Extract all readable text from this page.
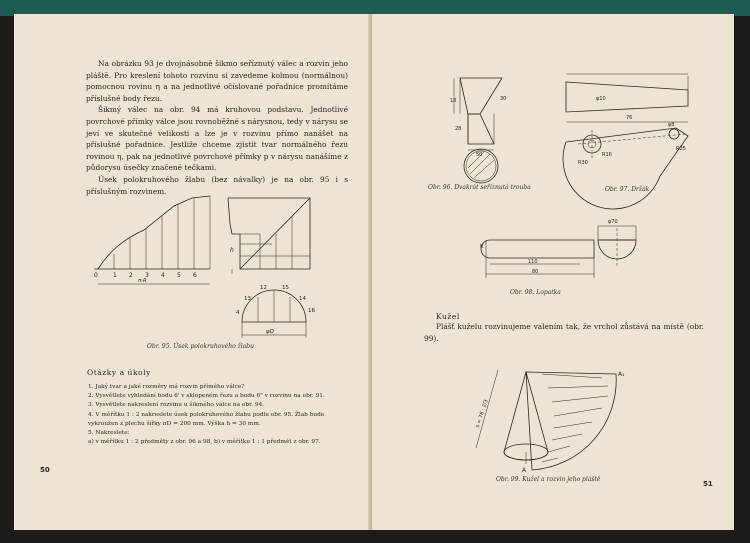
Na obrázku 93 je dvojnásobně šikmo seříznutý válec a rozvin jeho pláště. Pro kreslení tohoto rozvinu si zavedeme kolmou (normálnou) pomocnou rovinu η a na jednotlivé očíslované pořadnice promítáme příslušné body řezu.

Šikmý válec na obr. 94 má kruhovou podstavu. Jednotlivé povrchové přímky válce jsou rovnoběžné s nárysnou, tedy v nárysu se jeví ve skutečné velikosti a lze je v rozvinu přímo nanášet na příslušné pořadnice. Jestliže chceme zjistit tvar normálného řezu rovinou η, pak na jednotlivé povrchové přímky p v nárysu nanášíme z půdorysu úsečky značené tečkami.

Úsek polokruhového žlabu (bez návalky) je na obr. 95 i s příslušným rozvinem.

0	1 2 3 4 5 6
π·R
h
13
12	15
14
16
4
φD
Obr. 95. Úsek polokruhového žlabu
Otázky a úkoly
1. Jaký tvar a jaké rozměry má rozvin přímého válce?
2. Vysvětlete vyhledání bodu 6' v sklopeném řezu a bodu 6" v rozvinu na obr. 91.
3. Vysvětlete nakreslení rozvinu u šikmého válce na obr. 94.
4. V měřítku 1 : 2 nakreslete úsek polokruhového žlabu podle obr. 95. Žlab bude
vykroužen z plechu šířky πD = 200 mm. Výška h = 30 mm.
5. Nakreslete:
a) v měřítku 1 : 2 předměty z obr. 96 a 98, b) v měřítku 1 : 1 předmět z obr. 97.
50
18
28
30
50
Obr. 96. Dvakrát seříznutá trouba
φ10
76
φ8
R30
R16
R25
Obr. 97. Držák
φ70
110
80
R
Obr. 98. Lopatka
Kužel

Plášť kuželu rozvinujeme valením tak, že vrchol zůstává na místě (obr. 99).

A₁
A
s = 78 · 2/3
Obr. 99. Kužel a rozvin jeho pláště
51
